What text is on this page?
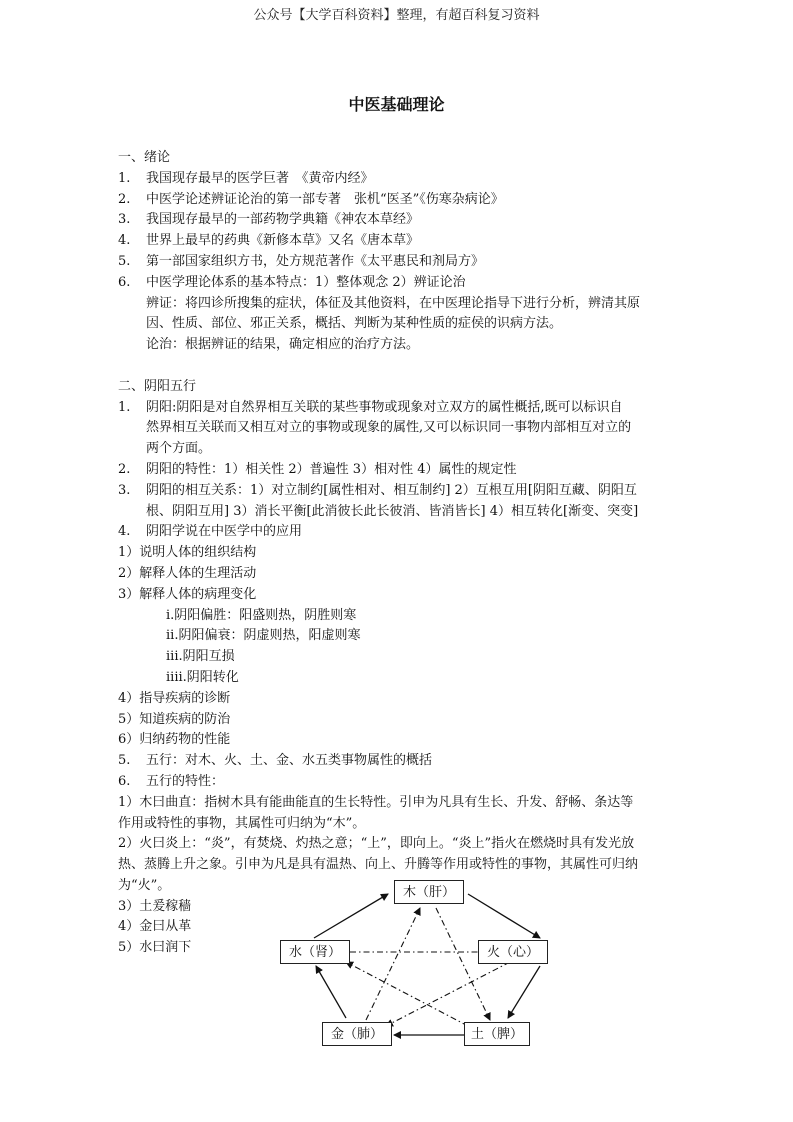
公众号【大学百科资料】整理，有超百科复习资料
中医基础理论
一、绪论
1. 我国现存最早的医学巨著　《黄帝内经》
2. 中医学论述辨证论治的第一部专著　张机“医圣”《伤寒杂病论》
3. 我国现存最早的一部药物学典籍《神农本草经》
4. 世界上最早的药典《新修本草》又名《唐本草》
5. 第一部国家组织方书，处方规范著作《太平惠民和剂局方》
6. 中医学理论体系的基本特点：1）整体观念 2）辨证论治
辨证：将四诊所搜集的症状，体征及其他资料，在中医理论指导下进行分析，辨清其原
因、性质、部位、邪正关系，概括、判断为某种性质的症侯的识病方法。
论治：根据辨证的结果，确定相应的治疗方法。
二、阴阳五行
1. 阴阳:阴阳是对自然界相互关联的某些事物或现象对立双方的属性概括,既可以标识自
然界相互关联而又相互对立的事物或现象的属性,又可以标识同一事物内部相互对立的
两个方面。
2. 阴阳的特性：1）相关性 2）普遍性 3）相对性 4）属性的规定性
3. 阴阳的相互关系：1）对立制约[属性相对、相互制约] 2）互根互用[阴阳互藏、阴阳互
根、阴阳互用] 3）消长平衡[此消彼长此长彼消、皆消皆长] 4）相互转化[渐变、突变]
4. 阴阳学说在中医学中的应用
1）说明人体的组织结构
2）解释人体的生理活动
3）解释人体的病理变化
i.阴阳偏胜：阳盛则热，阴胜则寒
ii.阴阳偏衰：阴虚则热，阳虚则寒
iii.阴阳互损
iiii.阴阳转化
4）指导疾病的诊断
5）知道疾病的防治
6）归纳药物的性能
5. 五行：对木、火、土、金、水五类事物属性的概括
6. 五行的特性：
1）木曰曲直：指树木具有能曲能直的生长特性。引申为凡具有生长、升发、舒畅、条达等
作用或特性的事物，其属性可归纳为“木”。
2）火曰炎上：“炎”，有焚烧、灼热之意；“上”，即向上。“炎上”指火在燃烧时具有发光放
热、蒸腾上升之象。引申为凡是具有温热、向上、升腾等作用或特性的事物，其属性可归纳
为“火”。
3）土爰稼穑
4）金曰从革
5）水曰润下
木（肝）
火（心）
土（脾）
金（肺）
水（肾）
